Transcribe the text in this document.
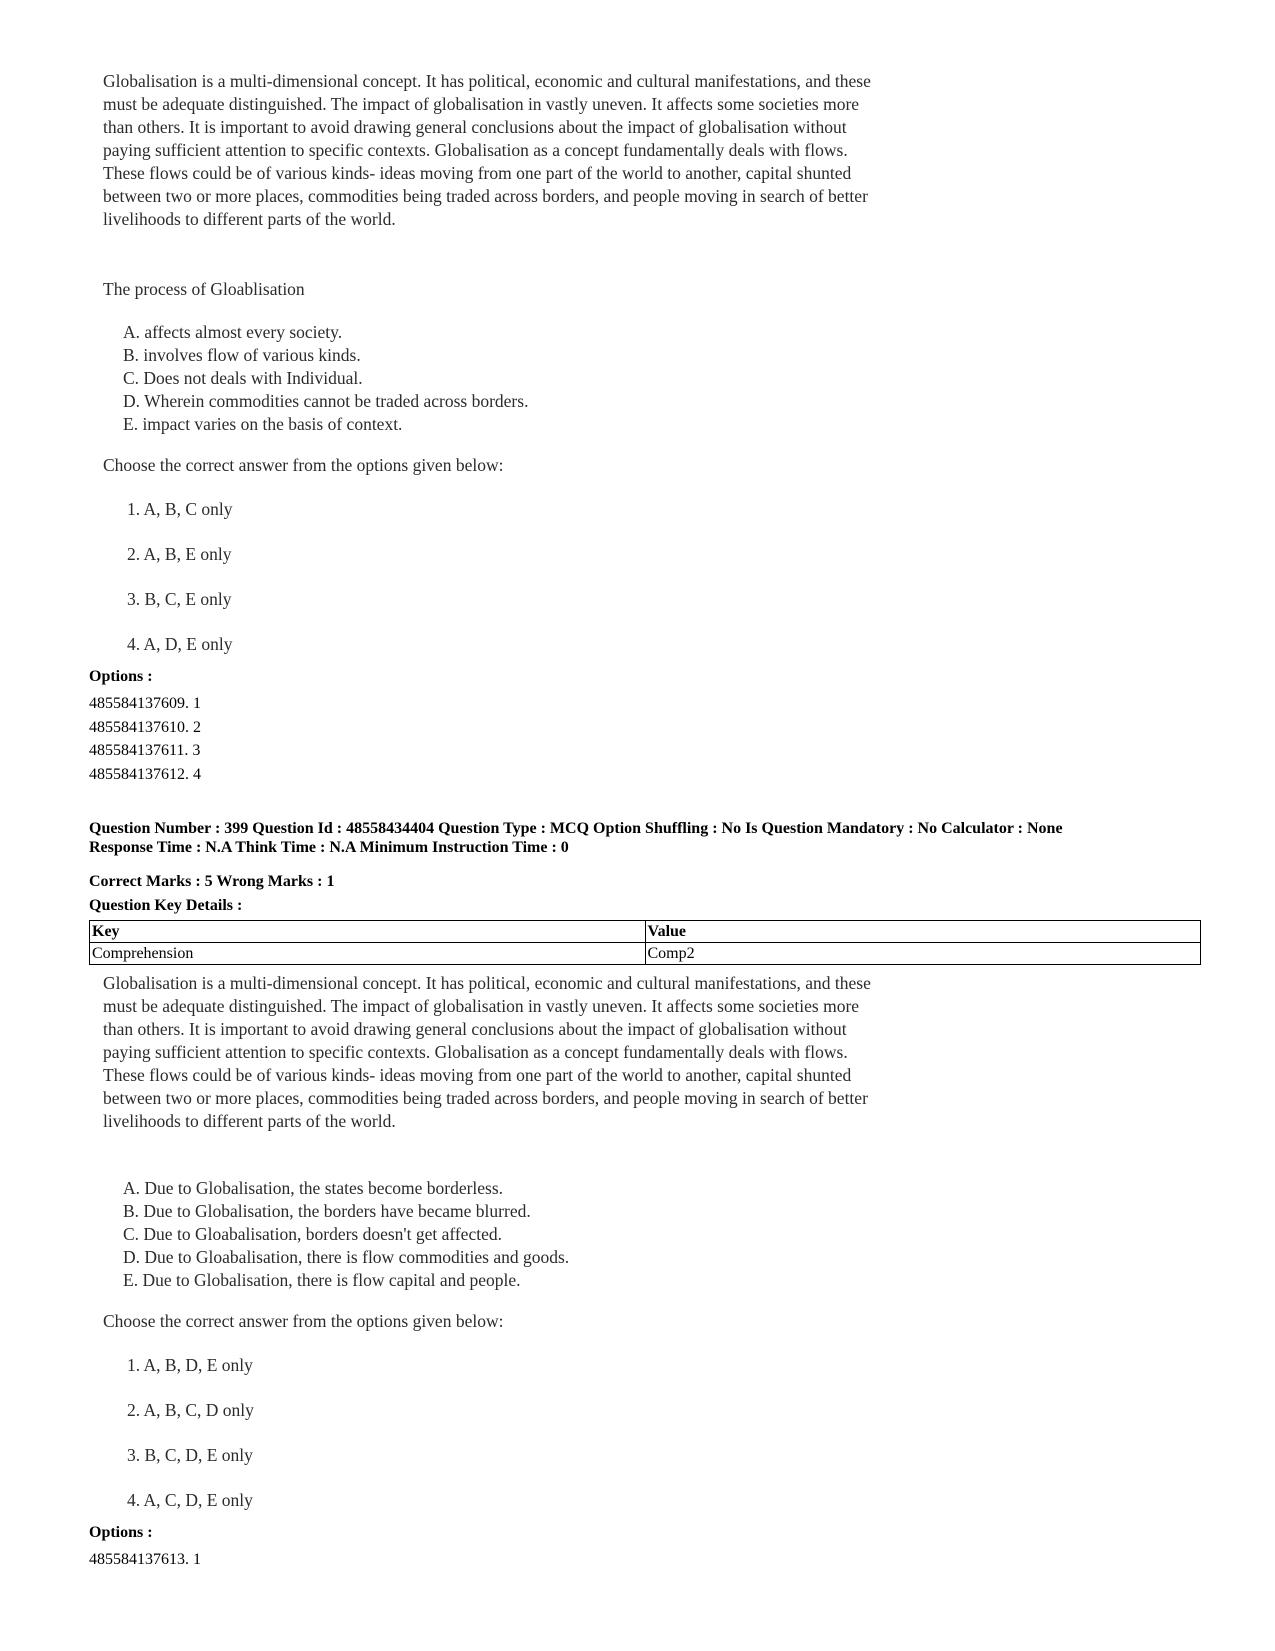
Globalisation is a multi-dimensional concept. It has political, economic and cultural manifestations, and these

must be adequate distinguished. The impact of globalisation in vastly uneven. It affects some societies more

than others. It is important to avoid drawing general conclusions about the impact of globalisation without

paying sufficient attention to specific contexts. Globalisation as a concept fundamentally deals with flows.

These flows could be of various kinds- ideas moving from one part of the world to another, capital shunted

between two or more places, commodities being traded across borders, and people moving in search of better

livelihoods to different parts of the world.

The process of Gloablisation
A. affects almost every society.
B. involves flow of various kinds.
C. Does not deals with Individual.
D. Wherein commodities cannot be traded across borders.
E. impact varies on the basis of context.
Choose the correct answer from the options given below:
1. A, B, C only
2. A, B, E only
3. B, C, E only
4. A, D, E only
Options :
485584137609. 1
485584137610. 2
485584137611. 3
485584137612. 4
Question Number : 399 Question Id : 48558434404 Question Type : MCQ Option Shuffling : No Is Question Mandatory : No Calculator : None
Response Time : N.A Think Time : N.A Minimum Instruction Time : 0
Correct Marks : 5 Wrong Marks : 1
Question Key Details :
Key	Value
Comprehension	Comp2

Globalisation is a multi-dimensional concept. It has political, economic and cultural manifestations, and these

must be adequate distinguished. The impact of globalisation in vastly uneven. It affects some societies more

than others. It is important to avoid drawing general conclusions about the impact of globalisation without

paying sufficient attention to specific contexts. Globalisation as a concept fundamentally deals with flows.

These flows could be of various kinds- ideas moving from one part of the world to another, capital shunted

between two or more places, commodities being traded across borders, and people moving in search of better

livelihoods to different parts of the world.

A. Due to Globalisation, the states become borderless.
B. Due to Globalisation, the borders have became blurred.
C. Due to Gloabalisation, borders doesn't get affected.
D. Due to Gloabalisation, there is flow commodities and goods.
E. Due to Globalisation, there is flow capital and people.
Choose the correct answer from the options given below:
1. A, B, D, E only
2. A, B, C, D only
3. B, C, D, E only
4. A, C, D, E only
Options :
485584137613. 1
